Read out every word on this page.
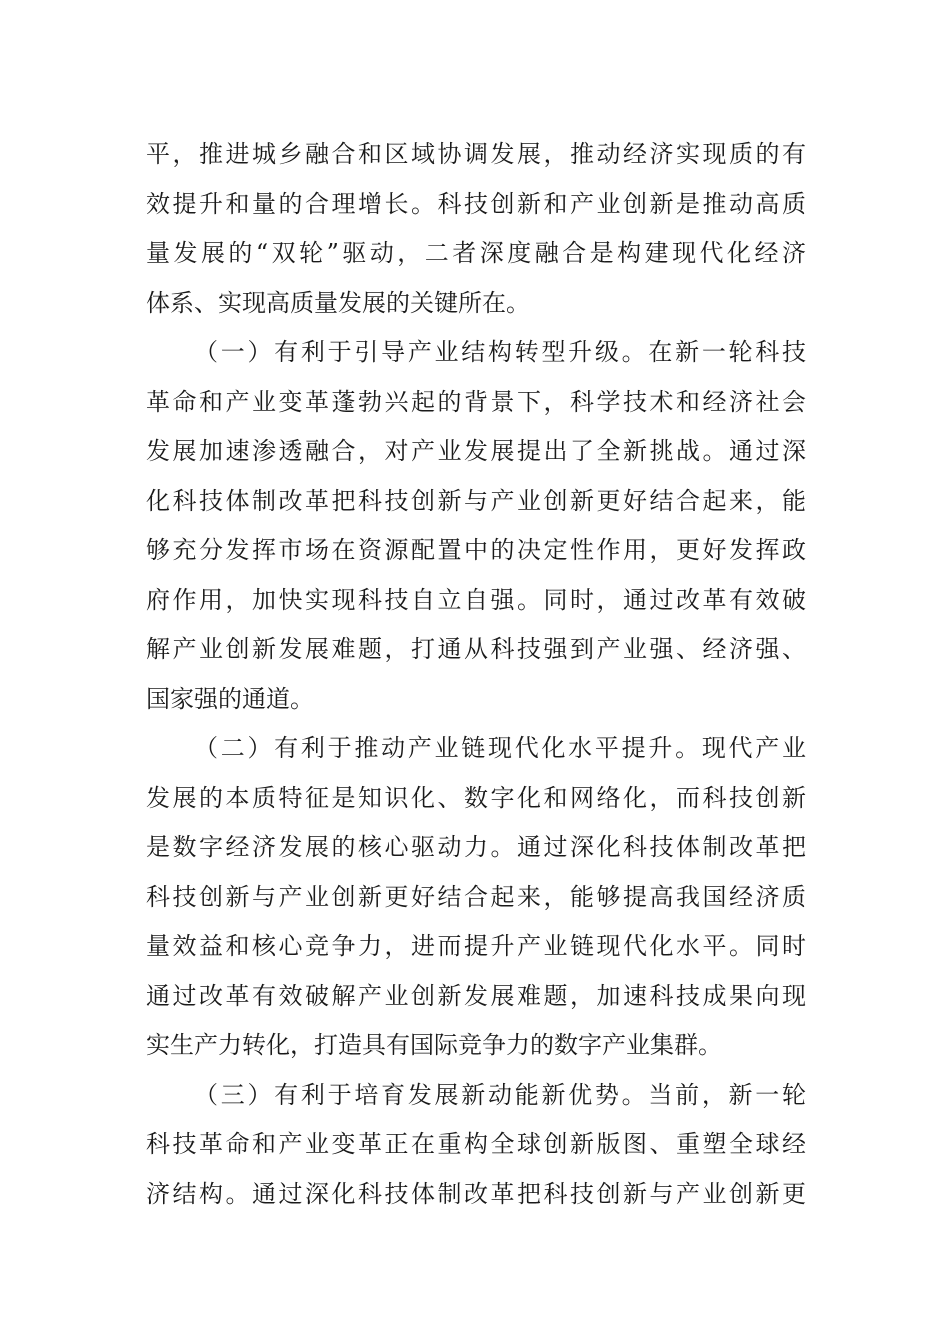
平，推进城乡融合和区域协调发展，推动经济实现质的有
效提升和量的合理增长。科技创新和产业创新是推动高质
量发展的“双轮”驱动，二者深度融合是构建现代化经济
体系、实现高质量发展的关键所在。
（一）有利于引导产业结构转型升级。在新一轮科技
革命和产业变革蓬勃兴起的背景下，科学技术和经济社会
发展加速渗透融合，对产业发展提出了全新挑战。通过深
化科技体制改革把科技创新与产业创新更好结合起来，能
够充分发挥市场在资源配置中的决定性作用，更好发挥政
府作用，加快实现科技自立自强。同时，通过改革有效破
解产业创新发展难题，打通从科技强到产业强、经济强、
国家强的通道。
（二）有利于推动产业链现代化水平提升。现代产业
发展的本质特征是知识化、数字化和网络化，而科技创新
是数字经济发展的核心驱动力。通过深化科技体制改革把
科技创新与产业创新更好结合起来，能够提高我国经济质
量效益和核心竞争力，进而提升产业链现代化水平。同时
通过改革有效破解产业创新发展难题，加速科技成果向现
实生产力转化，打造具有国际竞争力的数字产业集群。
（三）有利于培育发展新动能新优势。当前，新一轮
科技革命和产业变革正在重构全球创新版图、重塑全球经
济结构。通过深化科技体制改革把科技创新与产业创新更
